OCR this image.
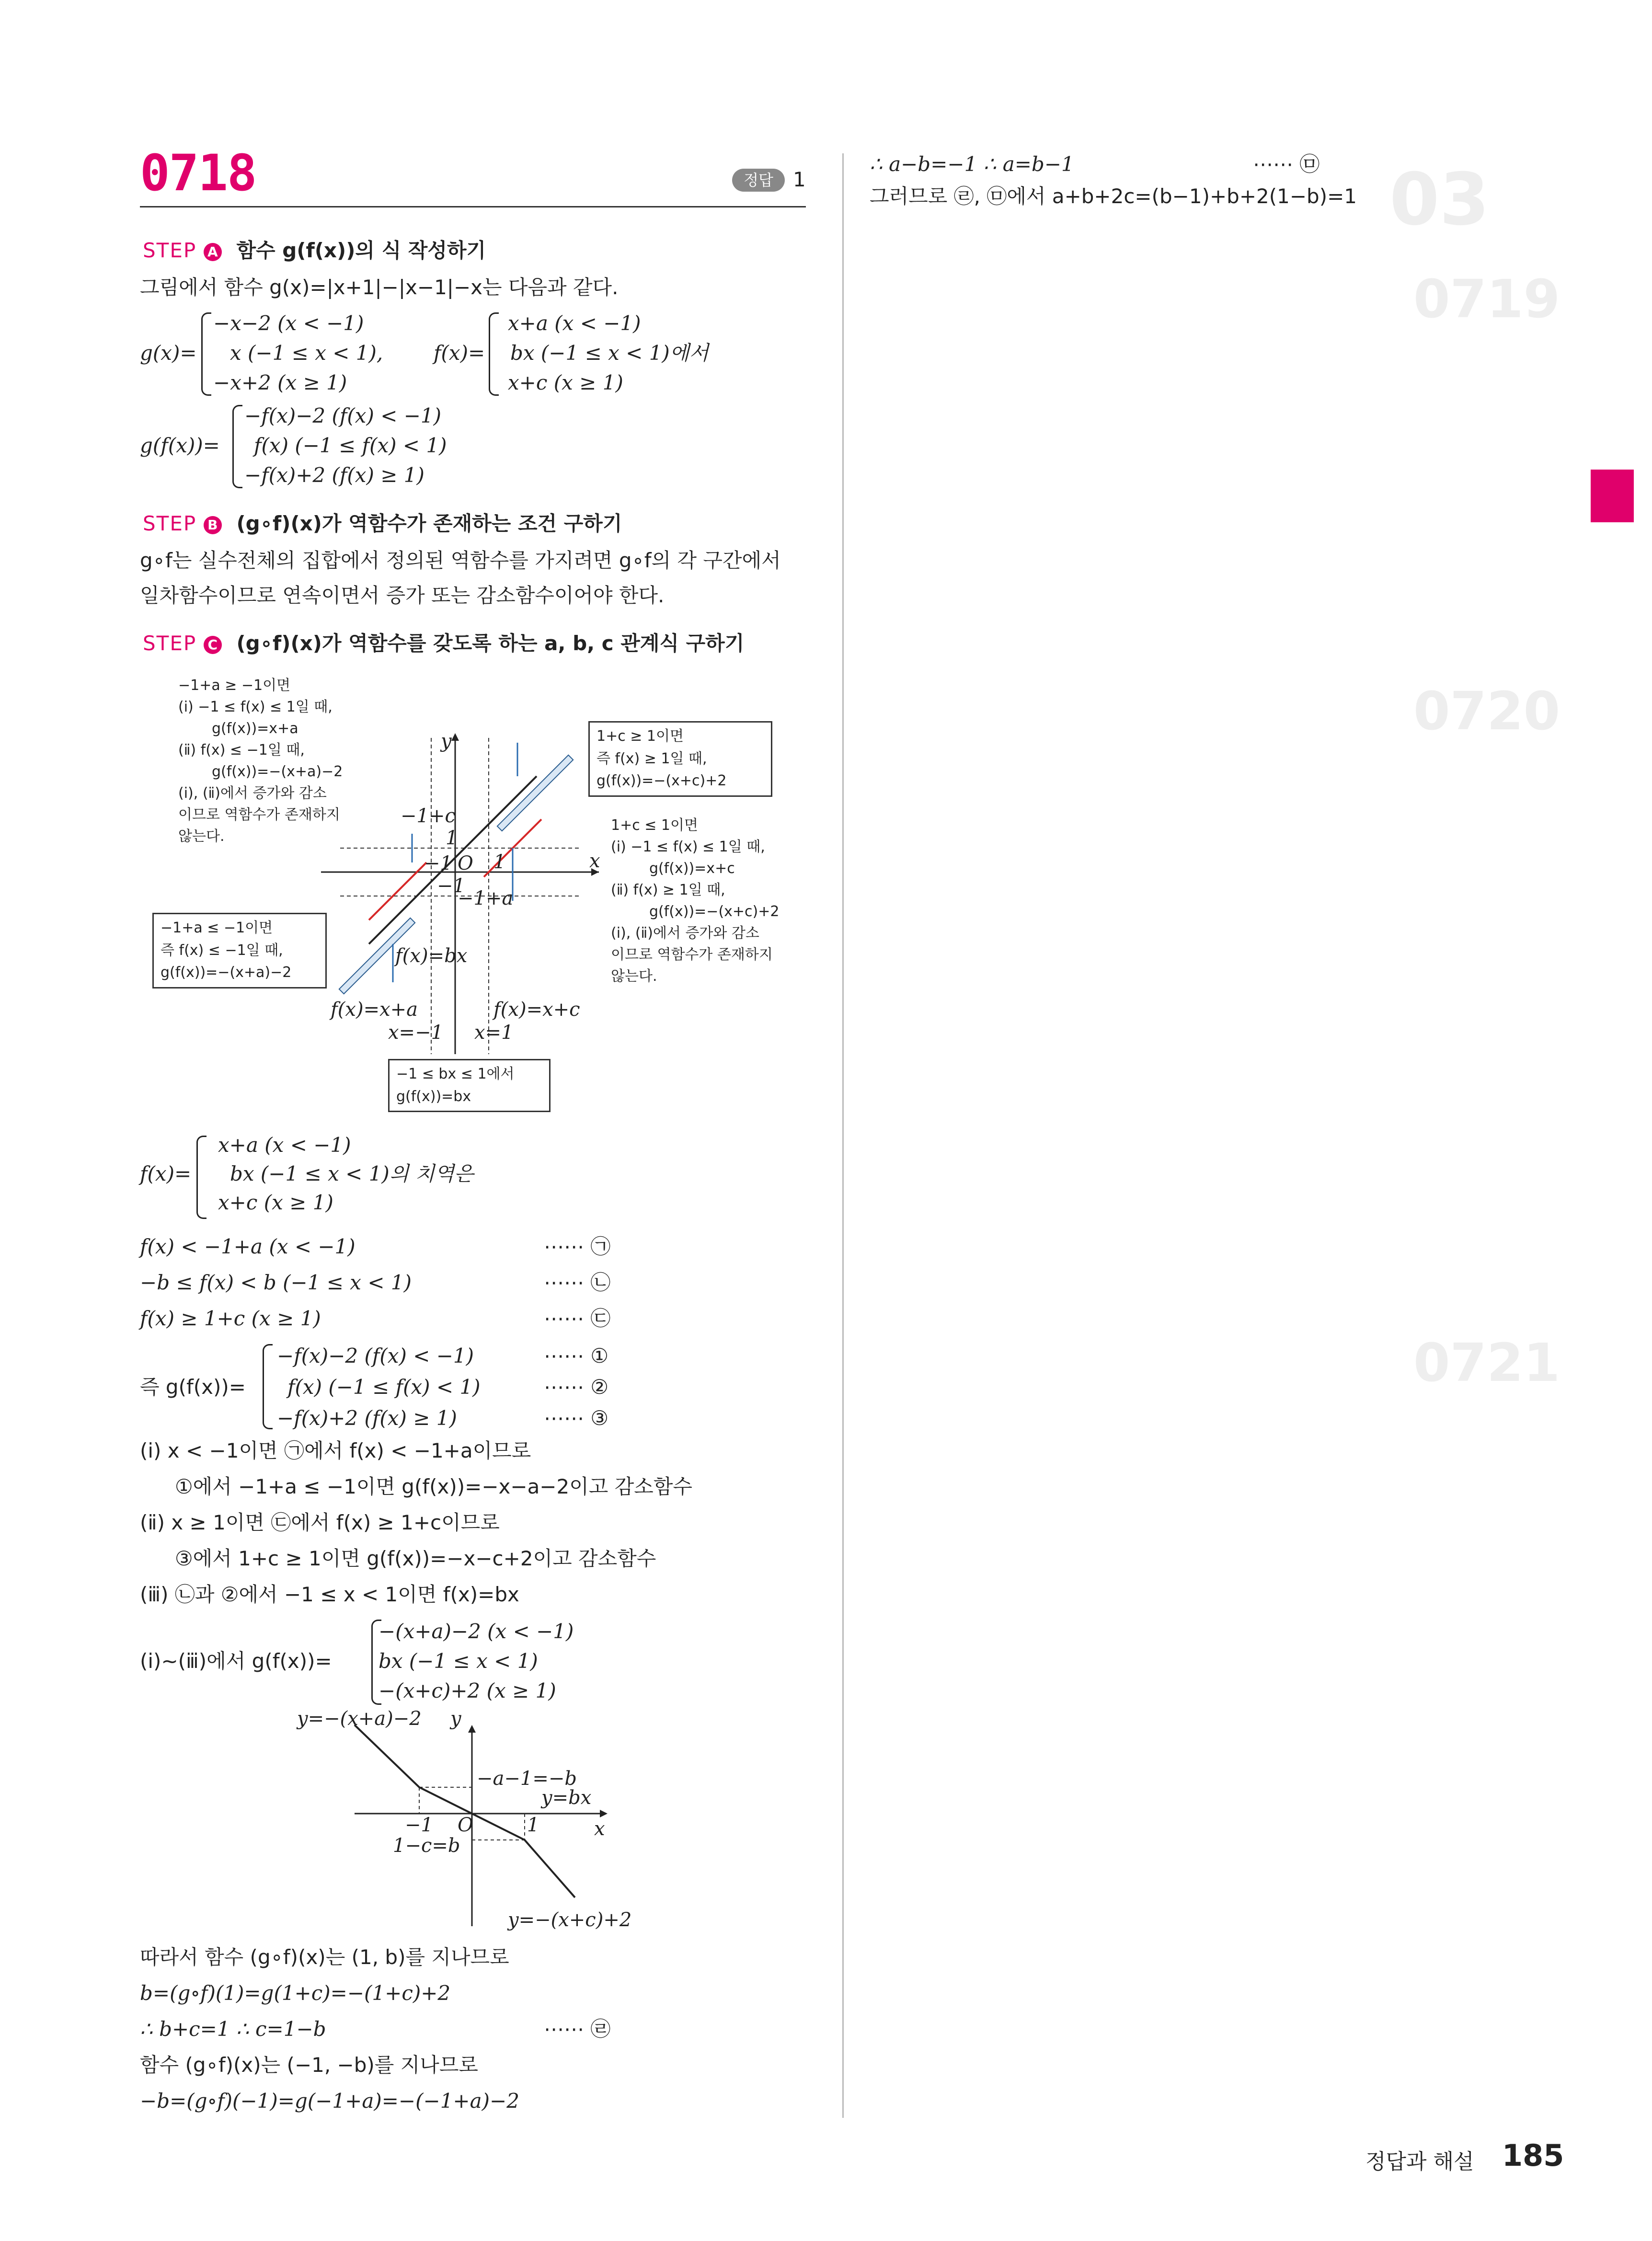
0718	정답 1
STEP A 함수 g(f(x))의 식 작성하기
그림에서 함수 g(x)=|x+1|−|x−1|−x는 다음과 같다.
g(x)=
−x−2 (x < −1)
x (−1 ≤ x < 1),
−x+2 (x ≥ 1)
f(x)=
x+a (x < −1)
bx (−1 ≤ x < 1)에서
x+c (x ≥ 1)
g(f(x))=
−f(x)−2 (f(x) < −1)
f(x) (−1 ≤ f(x) < 1)
−f(x)+2 (f(x) ≥ 1)
STEP B (g∘f)(x)가 역함수가 존재하는 조건 구하기
g∘f는 실수전체의 집합에서 정의된 역함수를 가지려면 g∘f의 각 구간에서
일차함수이므로 연속이면서 증가 또는 감소함수이어야 한다.
STEP C (g∘f)(x)가 역함수를 갖도록 하는 a, b, c 관계식 구하기
−1+a ≥ −1이면
(ⅰ) −1 ≤ f(x) ≤ 1일 때,
g(f(x))=x+a
(ⅱ) f(x) ≤ −1일 때,
g(f(x))=−(x+a)−2
(ⅰ), (ⅱ)에서 증가와 감소
이므로 역함수가 존재하지
않는다.
−1+a ≤ −1이면
즉 f(x) ≤ −1일 때,
g(f(x))=−(x+a)−2
1+c ≥ 1이면
즉 f(x) ≥ 1일 때,
g(f(x))=−(x+c)+2
1+c ≤ 1이면
(ⅰ) −1 ≤ f(x) ≤ 1일 때,
g(f(x))=x+c
(ⅱ) f(x) ≥ 1일 때,
g(f(x))=−(x+c)+2
(ⅰ), (ⅱ)에서 증가와 감소
이므로 역함수가 존재하지
않는다.
−1 ≤ bx ≤ 1에서
g(f(x))=bx
y
x
O
1
1
−1
−1
−1+c
−1+a
f(x)=bx
f(x)=x+a	f(x)=x+c
x=−1 x=1
f(x)=
x+a (x < −1)
bx (−1 ≤ x < 1)의 치역은
x+c (x ≥ 1)
f(x) < −1+a (x < −1)	⋯⋯ ㉠
−b ≤ f(x) < b (−1 ≤ x < 1)	⋯⋯ ㉡
f(x) ≥ 1+c (x ≥ 1)	⋯⋯ ㉢
즉 g(f(x))=
−f(x)−2 (f(x) < −1)	⋯⋯ ①
f(x) (−1 ≤ f(x) < 1)	⋯⋯ ②
−f(x)+2 (f(x) ≥ 1)	⋯⋯ ③
(ⅰ) x < −1이면 ㉠에서 f(x) < −1+a이므로
①에서 −1+a ≤ −1이면 g(f(x))=−x−a−2이고 감소함수
(ⅱ) x ≥ 1이면 ㉢에서 f(x) ≥ 1+c이므로
③에서 1+c ≥ 1이면 g(f(x))=−x−c+2이고 감소함수
(ⅲ) ㉡과 ②에서 −1 ≤ x < 1이면 f(x)=bx
(ⅰ)~(ⅲ)에서 g(f(x))=
−(x+a)−2 (x < −1)
bx (−1 ≤ x < 1)
−(x+c)+2 (x ≥ 1)
y=−(x+a)−2 y
x
O
−1	1
−a−1=−b
y=bx
1−c=b
y=−(x+c)+2
따라서 함수 (g∘f)(x)는 (1, b)를 지나므로
b=(g∘f)(1)=g(1+c)=−(1+c)+2
∴ b+c=1 ∴ c=1−b	⋯⋯ ㉣
함수 (g∘f)(x)는 (−1, −b)를 지나므로
−b=(g∘f)(−1)=g(−1+a)=−(−1+a)−2
∴ a−b=−1 ∴ a=b−1	⋯⋯ ㉤
그러므로 ㉣, ㉤에서 a+b+2c=(b−1)+b+2(1−b)=1 03
0719
0720
0721
정답과 해설 185
